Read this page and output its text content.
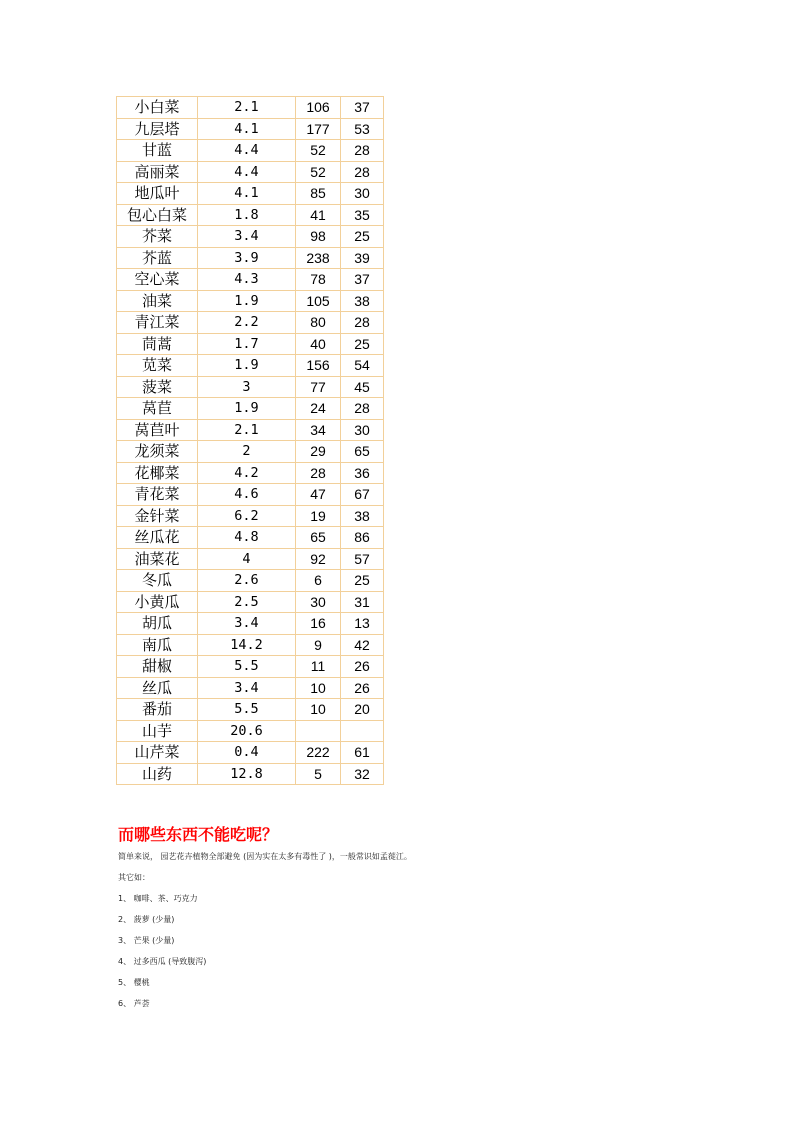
小白菜	2.1	106	37
九层塔	4.1	177	53
甘蓝	4.4	52	28
高丽菜	4.4	52	28
地瓜叶	4.1	85	30
包心白菜	1.8	41	35
芥菜	3.4	98	25
芥蓝	3.9	238	39
空心菜	4.3	78	37
油菜	1.9	105	38
青江菜	2.2	80	28
茼蒿	1.7	40	25
苋菜	1.9	156	54
菠菜	3	77	45
莴苣	1.9	24	28
莴苣叶	2.1	34	30
龙须菜	2	29	65
花椰菜	4.2	28	36
青花菜	4.6	47	67
金针菜	6.2	19	38
丝瓜花	4.8	65	86
油菜花	4	92	57
冬瓜	2.6	6	25
小黄瓜	2.5	30	31
胡瓜	3.4	16	13
南瓜	14.2	9	42
甜椒	5.5	11	26
丝瓜	3.4	10	26
番茄	5.5	10	20
山芋	20.6		
山芹菜	0.4	222	61
山药	12.8	5	32
而哪些东西不能吃呢？

简单来说， 园艺花卉植物全部避免 (因为实在太多有毒性了 )，一般常识如孟蓰江。

其它如：

1、 咖啡、茶、巧克力

2、 菠萝 (少量)

3、 芒果 (少量)

4、 过多西瓜 (导致腹泻)

5、 樱桃

6、 芦荟
